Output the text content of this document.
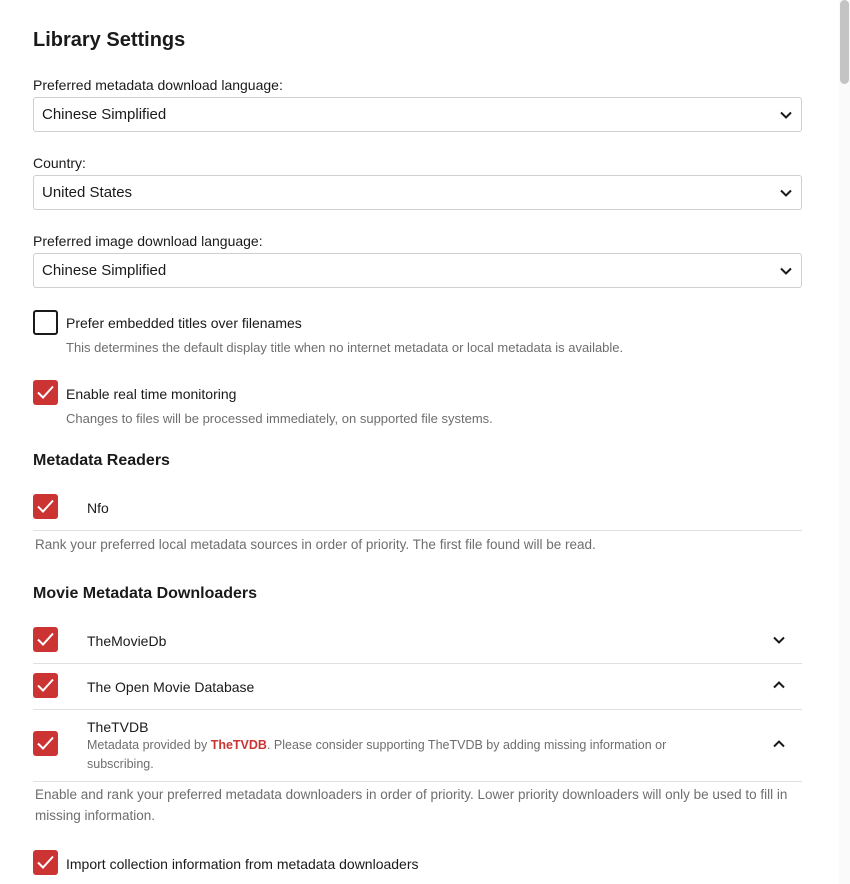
Library Settings
Preferred metadata download language:
Chinese Simplified
Country:
United States
Preferred image download language:
Chinese Simplified
Prefer embedded titles over filenames
This determines the default display title when no internet metadata or local metadata is available.
Enable real time monitoring
Changes to files will be processed immediately, on supported file systems.
Metadata Readers
Nfo
Rank your preferred local metadata sources in order of priority. The first file found will be read.
Movie Metadata Downloaders
TheMovieDb
The Open Movie Database
TheTVDB
Metadata provided by TheTVDB. Please consider supporting TheTVDB by adding missing information or subscribing.
Enable and rank your preferred metadata downloaders in order of priority. Lower priority downloaders will only be used to fill in missing information.
Import collection information from metadata downloaders
